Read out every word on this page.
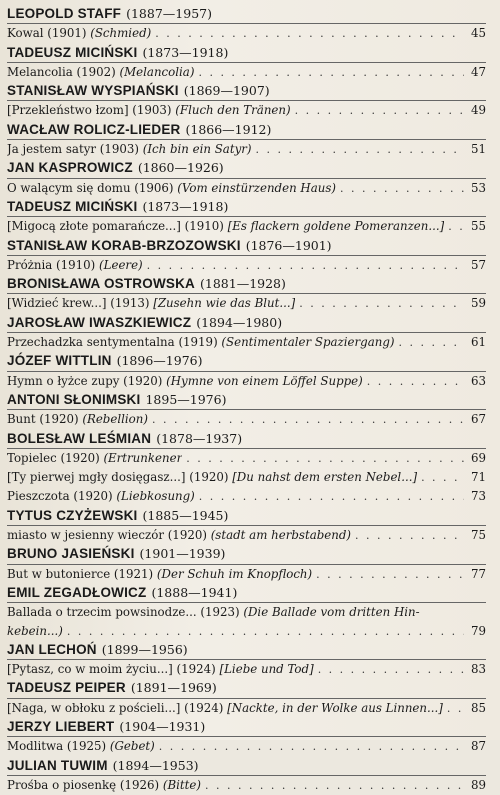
LEOPOLD STAFF (1887—1957)
Kowal (1901) (Schmied) . . .	45
TADEUSZ MICIŃSKI (1873—1918)
Melancolia (1902) (Melancolia) . . .	47
STANISŁAW WYSPIAŃSKI (1869—1907)
[Przekleństwo łzom] (1903) (Fluch den Tränen) . . .	49
WACŁAW ROLICZ-LIEDER (1866—1912)
Ja jestem satyr (1903) (Ich bin ein Satyr) . . .	51
JAN KASPROWICZ (1860—1926)
O walącym się domu (1906) (Vom einstürzenden Haus) . . .	53
TADEUSZ MICIŃSKI (1873—1918)
[Migocą złote pomarańcze...] (1910) [Es flackern goldene Pomeranzen...] . . . 55
STANISŁAW KORAB-BRZOZOWSKI (1876—1901)
Próżnia (1910) (Leere) . . .	57
BRONISŁAWA OSTROWSKA (1881—1928)
[Widzieć krew...] (1913) [Zusehn wie das Blut...] . . .	59
JAROSŁAW IWASZKIEWICZ (1894—1980)
Przechadzka sentymentalna (1919) (Sentimentaler Spaziergang) . . .	61
JÓZEF WITTLIN (1896—1976)
Hymn o łyżce zupy (1920) (Hymne von einem Löffel Suppe) . . .	63
ANTONI SŁONIMSKI 1895—1976)
Bunt (1920) (Rebellion) . . .	67
BOLESŁAW LEŚMIAN (1878—1937)
Topielec (1920) (Ertrunkener . . .	69
[Ty pierwej mgły dosięgasz...] (1920) [Du nahst dem ersten Nebel...] . . .	71
Pieszczota (1920) (Liebkosung) . . .	73
TYTUS CZYŻEWSKI (1885—1945)
miasto w jesienny wieczór (1920) (stadt am herbstabend) . . .	75
BRUNO JASIEŃSKI (1901—1939)
But w butonierce (1921) (Der Schuh im Knopfloch) . . .	77
EMIL ZEGADŁOWICZ (1888—1941)
Ballada o trzecim powsinodze... (1923) (Die Ballade vom dritten Hin-
kebein...) . . .	79
JAN LECHOŃ (1899—1956)
[Pytasz, co w moim życiu...] (1924) [Liebe und Tod] . . .	83
TADEUSZ PEIPER (1891—1969)
[Naga, w obłoku z pościeli...] (1924) [Nackte, in der Wolke aus Linnen...] . . . 85
JERZY LIEBERT (1904—1931)
Modlitwa (1925) (Gebet) . . .	87
JULIAN TUWIM (1894—1953)
Prośba o piosenkę (1926) (Bitte) . . .	89
